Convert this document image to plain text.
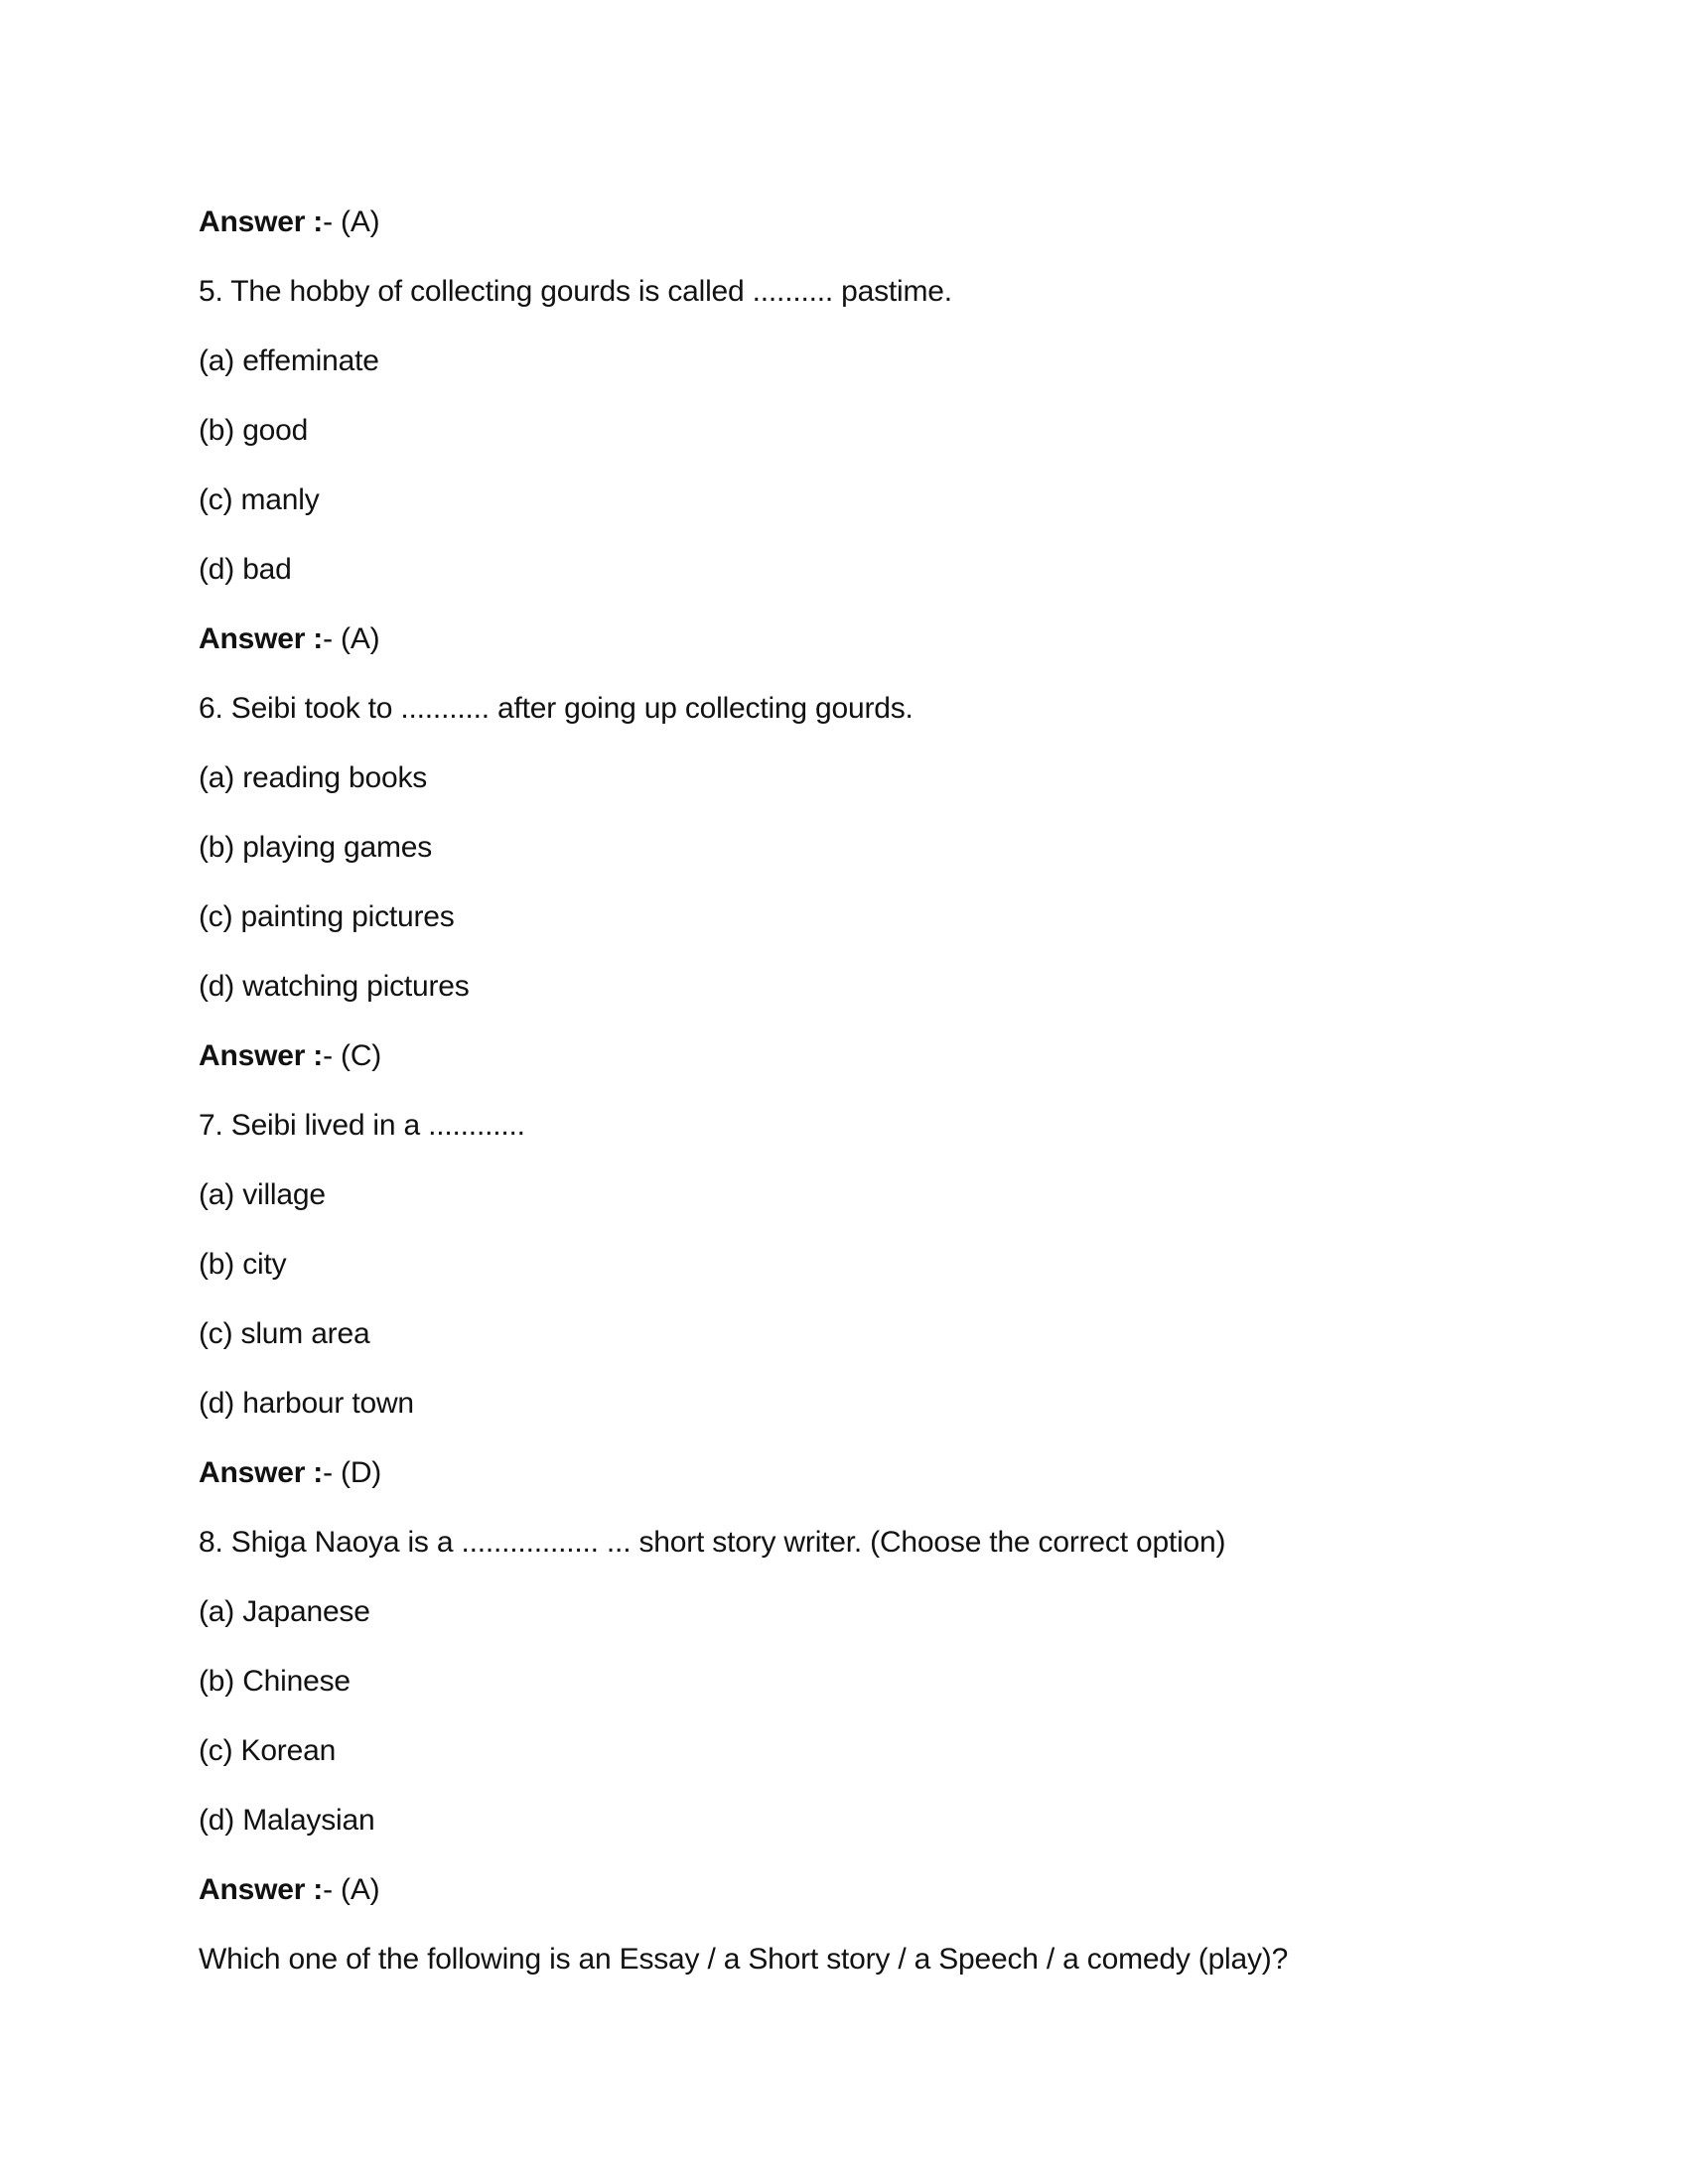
Answer :- (A)
5. The hobby of collecting gourds is called .......... pastime.
(a) effeminate
(b) good
(c) manly
(d) bad
Answer :- (A)
6. Seibi took to ........... after going up collecting gourds.
(a) reading books
(b) playing games
(c) painting pictures
(d) watching pictures
Answer :- (C)
7. Seibi lived in a ............
(a) village
(b) city
(c) slum area
(d) harbour town
Answer :- (D)
8. Shiga Naoya is a ................. ... short story writer. (Choose the correct option)
(a) Japanese
(b) Chinese
(c) Korean
(d) Malaysian
Answer :- (A)
Which one of the following is an Essay / a Short story / a Speech / a comedy (play)?
